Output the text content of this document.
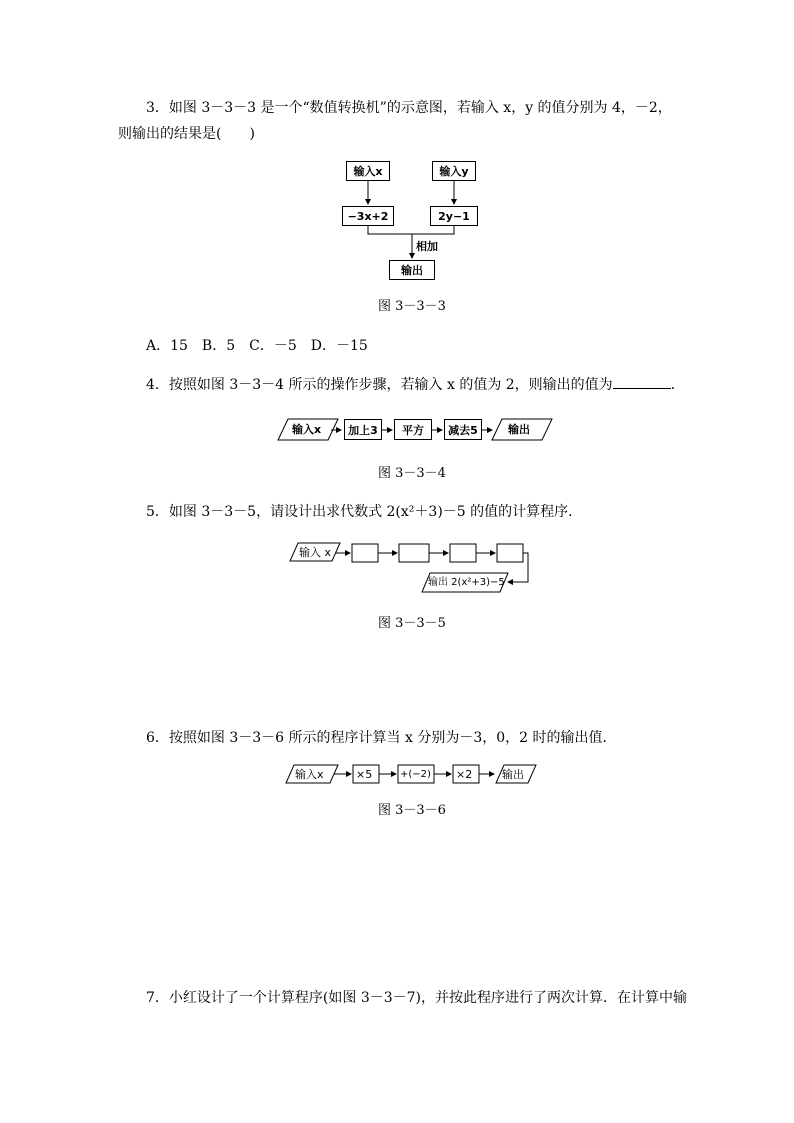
3．如图 3－3－3 是一个“数值转换机”的示意图，若输入 x，y 的值分别为 4，－2，
则输出的结果是(　　)
输入x	输入y
−3x+2	2y−1
相加
输出
图 3－3－3
A．15　B．5　C．－5　D．－15
4．按照如图 3－3－4 所示的操作步骤，若输入 x 的值为 2，则输出的值为	．
输入x	加上3	平方	减去5	输出
图 3－3－4
5．如图 3－3－5，请设计出求代数式 2(x²＋3)－5 的值的计算程序．
输入 x
输出 2(x²+3)−5
图 3－3－5
6．按照如图 3－3－6 所示的程序计算当 x 分别为－3，0，2 时的输出值．
输入x	×5	+(−2) ×2	输出
图 3－3－6
7．小红设计了一个计算程序(如图 3－3－7)，并按此程序进行了两次计算．在计算中输
